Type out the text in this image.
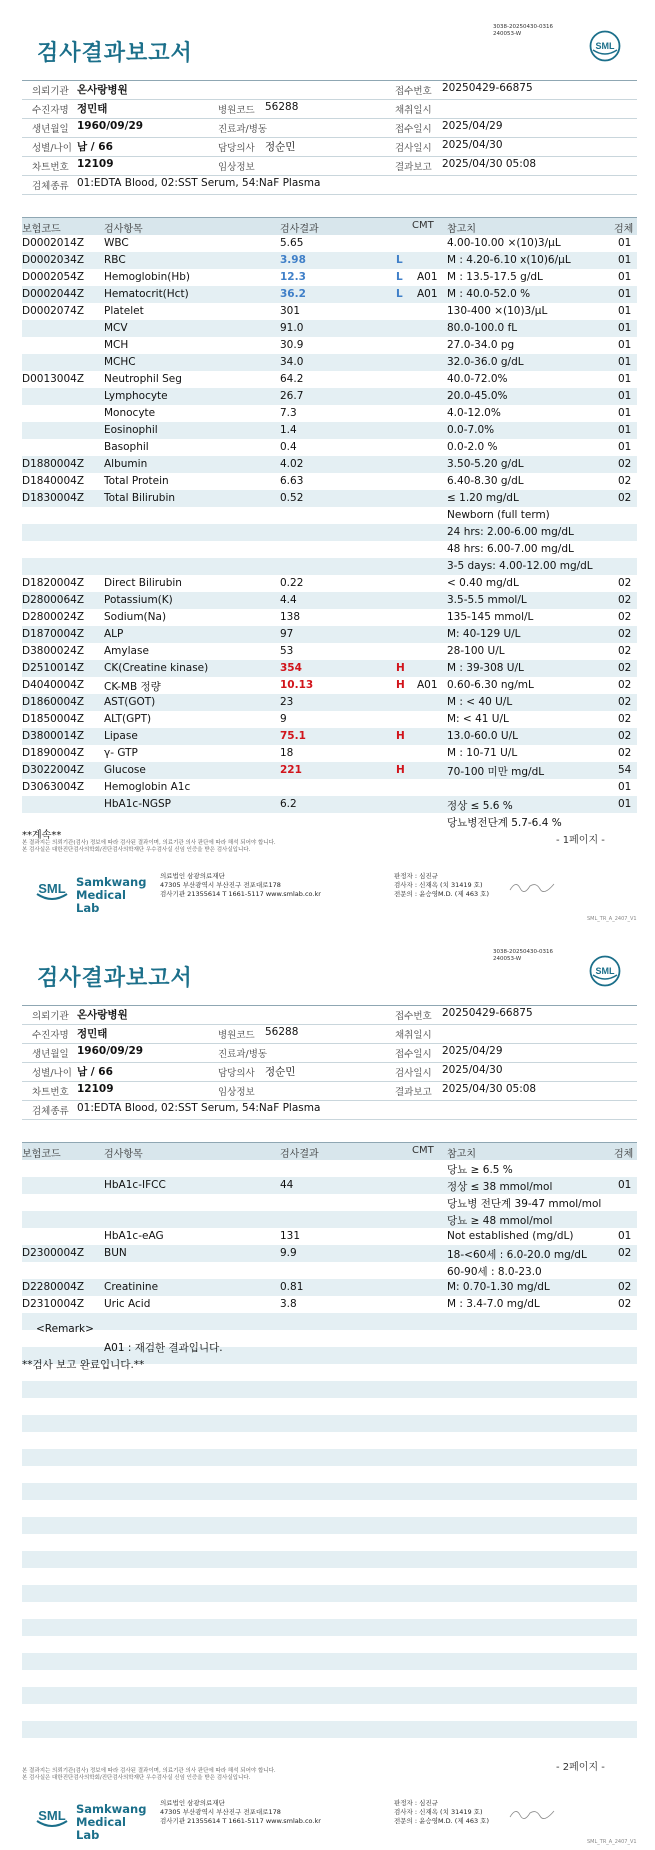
3038-20250430-0316
240053-W
검사결과보고서	SML
의뢰기관 온사랑병원	접수번호 20250429-66875
수진자명 정민태	병원코드 56288	채취일시
생년월일 1960/09/29	진료과/병동	접수일시 2025/04/29
성별/나이 남 / 66	담당의사 정순민	검사일시 2025/04/30
차트번호 12109	임상정보	결과보고 2025/04/30 05:08
검체종류 01:EDTA Blood, 02:SST Serum, 54:NaF Plasma
보험코드	검사항목	검사결과	CMT 참고치	검체
D0002014Z WBC	5.65	4.00-10.00 ×(10)3/μL	01
D0002034Z RBC	3.98	L	M : 4.20-6.10 x(10)6/μL	01
D0002054Z Hemoglobin(Hb)	12.3	L A01 M : 13.5-17.5 g/dL	01
D0002044Z Hematocrit(Hct)	36.2	L A01 M : 40.0-52.0 %	01
D0002074Z Platelet	301	130-400 ×(10)3/μL	01
MCV	91.0	80.0-100.0 fL	01
MCH	30.9	27.0-34.0 pg	01
MCHC	34.0	32.0-36.0 g/dL	01
D0013004Z Neutrophil Seg	64.2	40.0-72.0%	01
Lymphocyte	26.7	20.0-45.0%	01
Monocyte	7.3	4.0-12.0%	01
Eosinophil	1.4	0.0-7.0%	01
Basophil	0.4	0.0-2.0 %	01
D1880004Z Albumin	4.02	3.50-5.20 g/dL	02
D1840004Z Total Protein	6.63	6.40-8.30 g/dL	02
D1830004Z Total Bilirubin	0.52	≤ 1.20 mg/dL	02
Newborn (full term)
24 hrs: 2.00-6.00 mg/dL
48 hrs: 6.00-7.00 mg/dL
3-5 days: 4.00-12.00 mg/dL
D1820004Z Direct Bilirubin	0.22	< 0.40 mg/dL	02
D2800064Z Potassium(K)	4.4	3.5-5.5 mmol/L	02
D2800024Z Sodium(Na)	138	135-145 mmol/L	02
D1870004Z ALP	97	M: 40-129 U/L	02
D3800024Z Amylase	53	28-100 U/L	02
D2510014Z CK(Creatine kinase)	354	H	M : 39-308 U/L	02
D4040004Z CK-MB 정량	10.13	H A01 0.60-6.30 ng/mL	02
D1860004Z AST(GOT)	23	M : < 40 U/L	02
D1850004Z ALT(GPT)	9	M: < 41 U/L	02
D3800014Z Lipase	75.1	H	13.0-60.0 U/L	02
D1890004Z γ- GTP	18	M : 10-71 U/L	02
D3022004Z Glucose	221	H	70-100 미만 mg/dL	54
D3063004Z Hemoglobin A1c	01
HbA1c-NGSP	6.2	정상 ≤ 5.6 %	01
당뇨병전단계 5.7-6.4 %
**계속**	- 1페이지 -
본 결과지는 의뢰기관(검사) 정보에 따라 검사된 결과이며, 의료기관 의사 판단에 따라 해석 되어야 합니다.
본 검사실은 대한진단검사의학회/진단검사의학재단 우수검사실 신임 인증을 받은 검사실입니다.
SML Samkwang
Medical Lab
의료법인 삼광의료재단
47305 부산광역시 부산진구 전포대로178
검사기관 21355614 T 1661-5117 www.smlab.co.kr
판정자 : 심진규
검사자 : 신재옥 (치 31419 호)
전문의 : 윤승영M.D. (제 463 호)
SML_TR_A_2407_V1
3038-20250430-0316
240053-W
검사결과보고서	SML
의뢰기관 온사랑병원	접수번호 20250429-66875
수진자명 정민태	병원코드 56288	채취일시
생년월일 1960/09/29	진료과/병동	접수일시 2025/04/29
성별/나이 남 / 66	담당의사 정순민	검사일시 2025/04/30
차트번호 12109	임상정보	결과보고 2025/04/30 05:08
검체종류 01:EDTA Blood, 02:SST Serum, 54:NaF Plasma
보험코드	검사항목	검사결과	CMT 참고치	검체
당뇨 ≥ 6.5 %
HbA1c-IFCC	44	정상 ≤ 38 mmol/mol	01
당뇨병 전단계 39-47 mmol/mol
당뇨 ≥ 48 mmol/mol
HbA1c-eAG	131	Not established (mg/dL)	01
D2300004Z BUN	9.9	18-<60세 : 6.0-20.0 mg/dL	02
60-90세 : 8.0-23.0
D2280004Z Creatinine	0.81	M: 0.70-1.30 mg/dL	02
D2310004Z Uric Acid	3.8	M : 3.4-7.0 mg/dL	02
<Remark>
A01 : 재검한 결과입니다.
**검사 보고 완료입니다.**
- 2페이지 -
본 결과지는 의뢰기관(검사) 정보에 따라 검사된 결과이며, 의료기관 의사 판단에 따라 해석 되어야 합니다.
본 검사실은 대한진단검사의학회/진단검사의학재단 우수검사실 신임 인증을 받은 검사실입니다.
SML Samkwang
Medical Lab
의료법인 삼광의료재단
47305 부산광역시 부산진구 전포대로178
검사기관 21355614 T 1661-5117 www.smlab.co.kr
판정자 : 심진규
검사자 : 신재옥 (치 31419 호)
전문의 : 윤승영M.D. (제 463 호)
SML_TR_A_2407_V1
